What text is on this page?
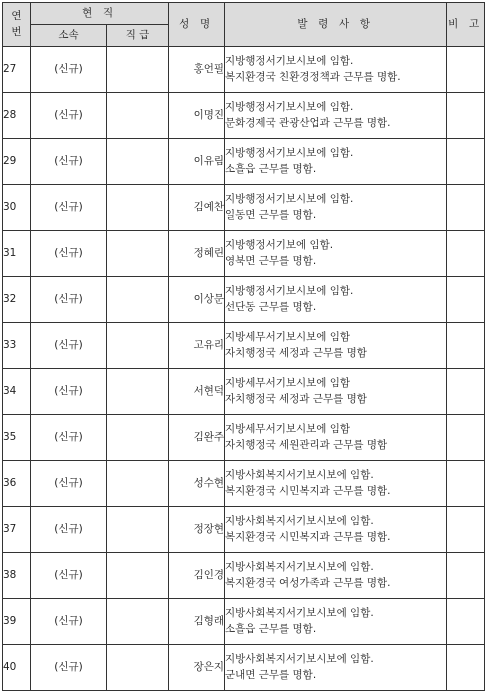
연
번	현 직		성 명	발 령 사 항	비 고
	소속	직 급			
27	(신규)		홍언필	지방행정서기보시보에 임함.
복지환경국 친환경정책과 근무를 명함.	

28	(신규)		이명진	지방행정서기보시보에 임함.
문화경제국 관광산업과 근무를 명함.	

29	(신규)		이유림	지방행정서기보시보에 임함.
소흘읍 근무를 명함.	

30	(신규)		김예찬	지방행정서기보시보에 임함.
일동면 근무를 명함.	

31	(신규)		정혜린	지방행정서기보에 임함.
영북면 근무를 명함.	

32	(신규)		이상문	지방행정서기보시보에 임함.
선단동 근무를 명함.	

33	(신규)		고유리	지방세무서기보시보에 임함
자치행정국 세정과 근무를 명함	

34	(신규)		서현덕	지방세무서기보시보에 임함
자치행정국 세정과 근무를 명함	

35	(신규)		김완주	지방세무서기보시보에 임함
자치행정국 세원관리과 근무를 명함	

36	(신규)		성수현	지방사회복지서기보시보에 임함.
복지환경국 시민복지과 근무를 명함.	

37	(신규)		정장현	지방사회복지서기보시보에 임함.
복지환경국 시민복지과 근무를 명함.	

38	(신규)		김인경	지방사회복지서기보시보에 임함.
복지환경국 여성가족과 근무를 명함.	

39	(신규)		김형래	지방사회복지서기보시보에 임함.
소흘읍 근무를 명함.	

40	(신규)		장은지	지방사회복지서기보시보에 임함.
군내면 근무를 명함.	
